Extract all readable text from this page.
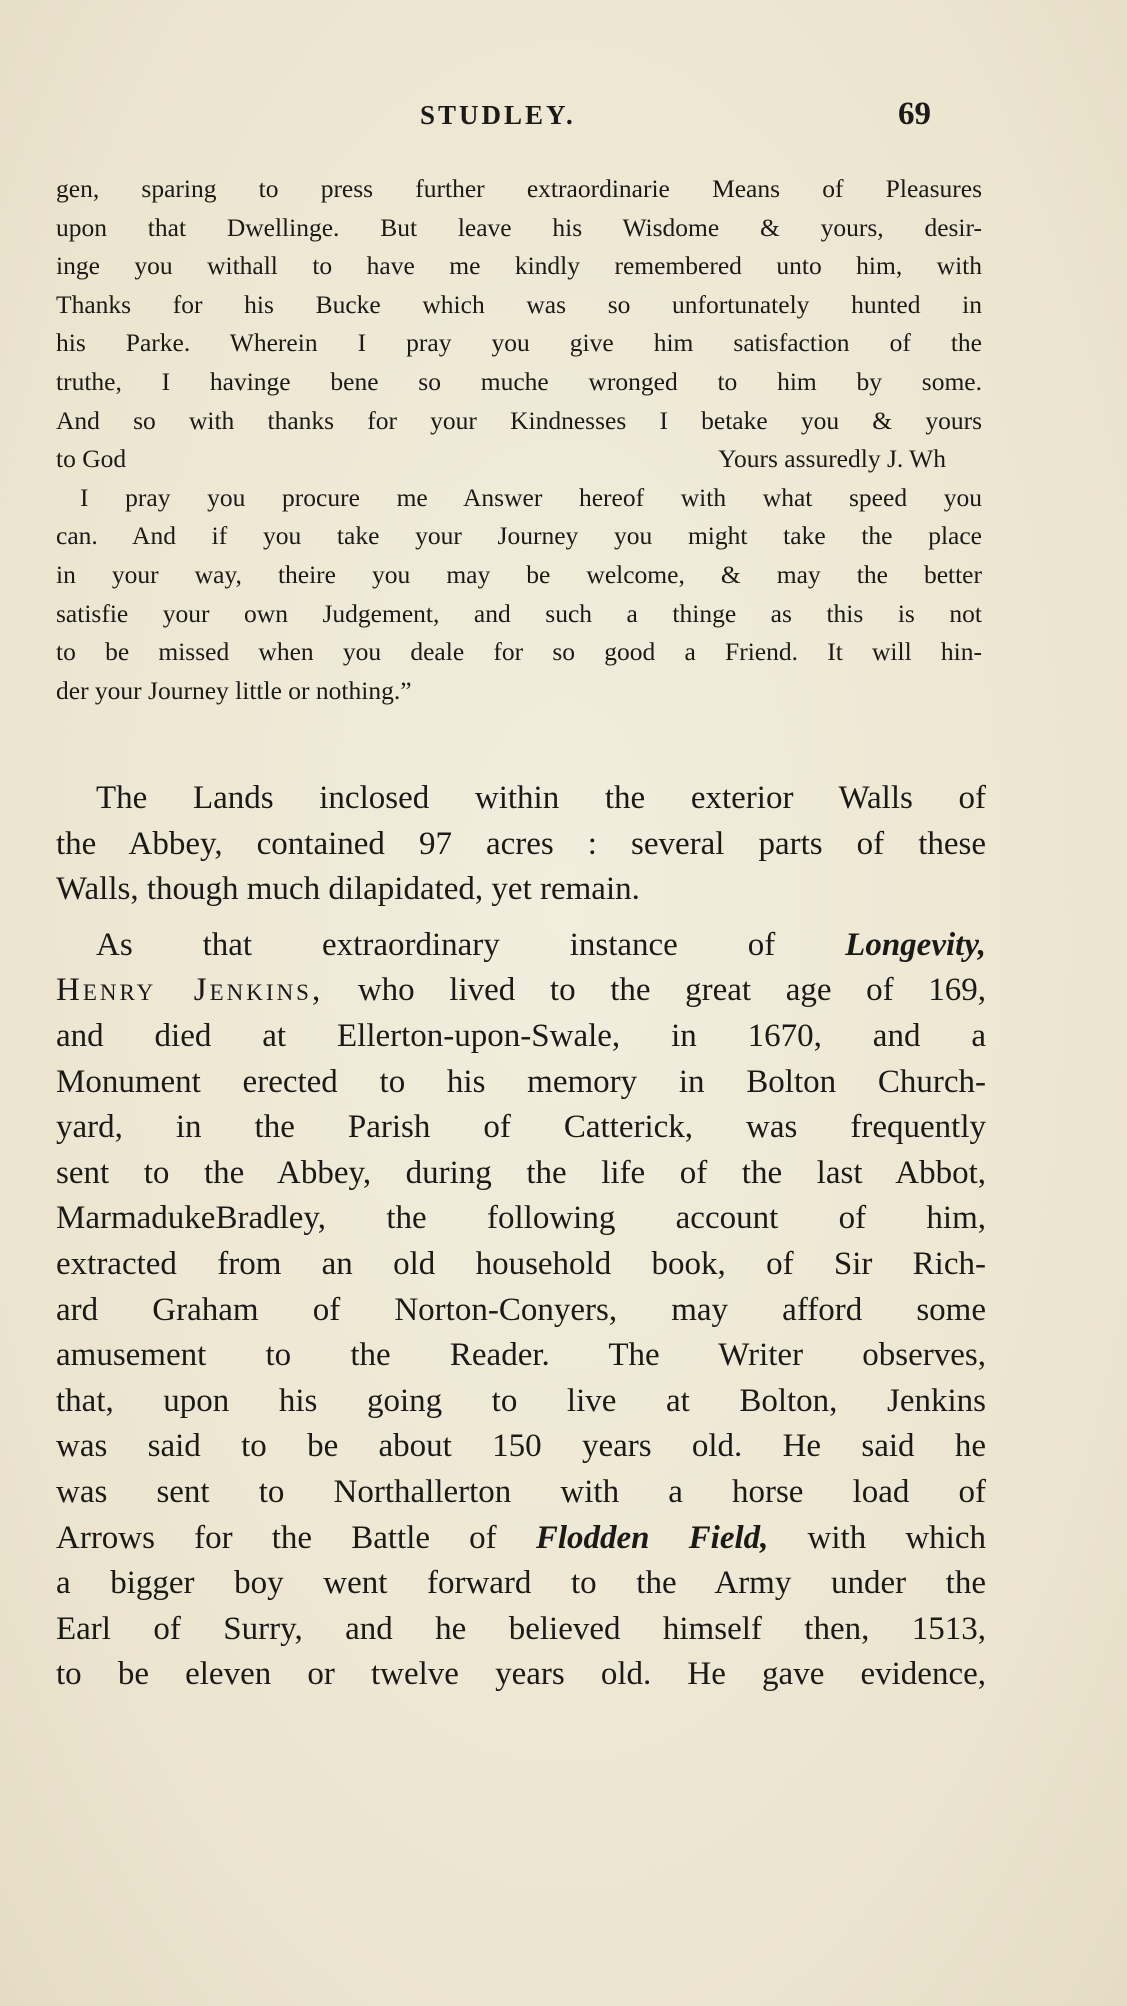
STUDLEY.	69

gen, sparing to press further extraordinarie Means of Pleasures

upon that Dwellinge. But leave his Wisdome & yours, desir-

inge you withall to have me kindly remembered unto him, with

Thanks for his Bucke which was so unfortunately hunted in

his Parke. Wherein I pray you give him satisfaction of the

truthe, I havinge bene so muche wronged to him by some.

And so with thanks for your Kindnesses I betake you & yours

to God	Yours assuredly J. Wh

I pray you procure me Answer hereof with what speed you

can. And if you take your Journey you might take the place

in your way, theire you may be welcome, & may the better

satisfie your own Judgement, and such a thinge as this is not

to be missed when you deale for so good a Friend. It will hin-

der your Journey little or nothing.”

The Lands inclosed within the exterior Walls of

the Abbey, contained 97 acres : several parts of these

Walls, though much dilapidated, yet remain.

As that extraordinary instance of Longevity,

Henry Jenkins, who lived to the great age of 169,

and died at Ellerton-upon-Swale, in 1670, and a

Monument erected to his memory in Bolton Church-

yard, in the Parish of Catterick, was frequently

sent to the Abbey, during the life of the last Abbot,

MarmadukeBradley, the following account of him,

extracted from an old household book, of Sir Rich-

ard Graham of Norton-Conyers, may afford some

amusement to the Reader. The Writer observes,

that, upon his going to live at Bolton, Jenkins

was said to be about 150 years old. He said he

was sent to Northallerton with a horse load of

Arrows for the Battle of Flodden Field, with which

a bigger boy went forward to the Army under the

Earl of Surry, and he believed himself then, 1513,

to be eleven or twelve years old. He gave evidence,
